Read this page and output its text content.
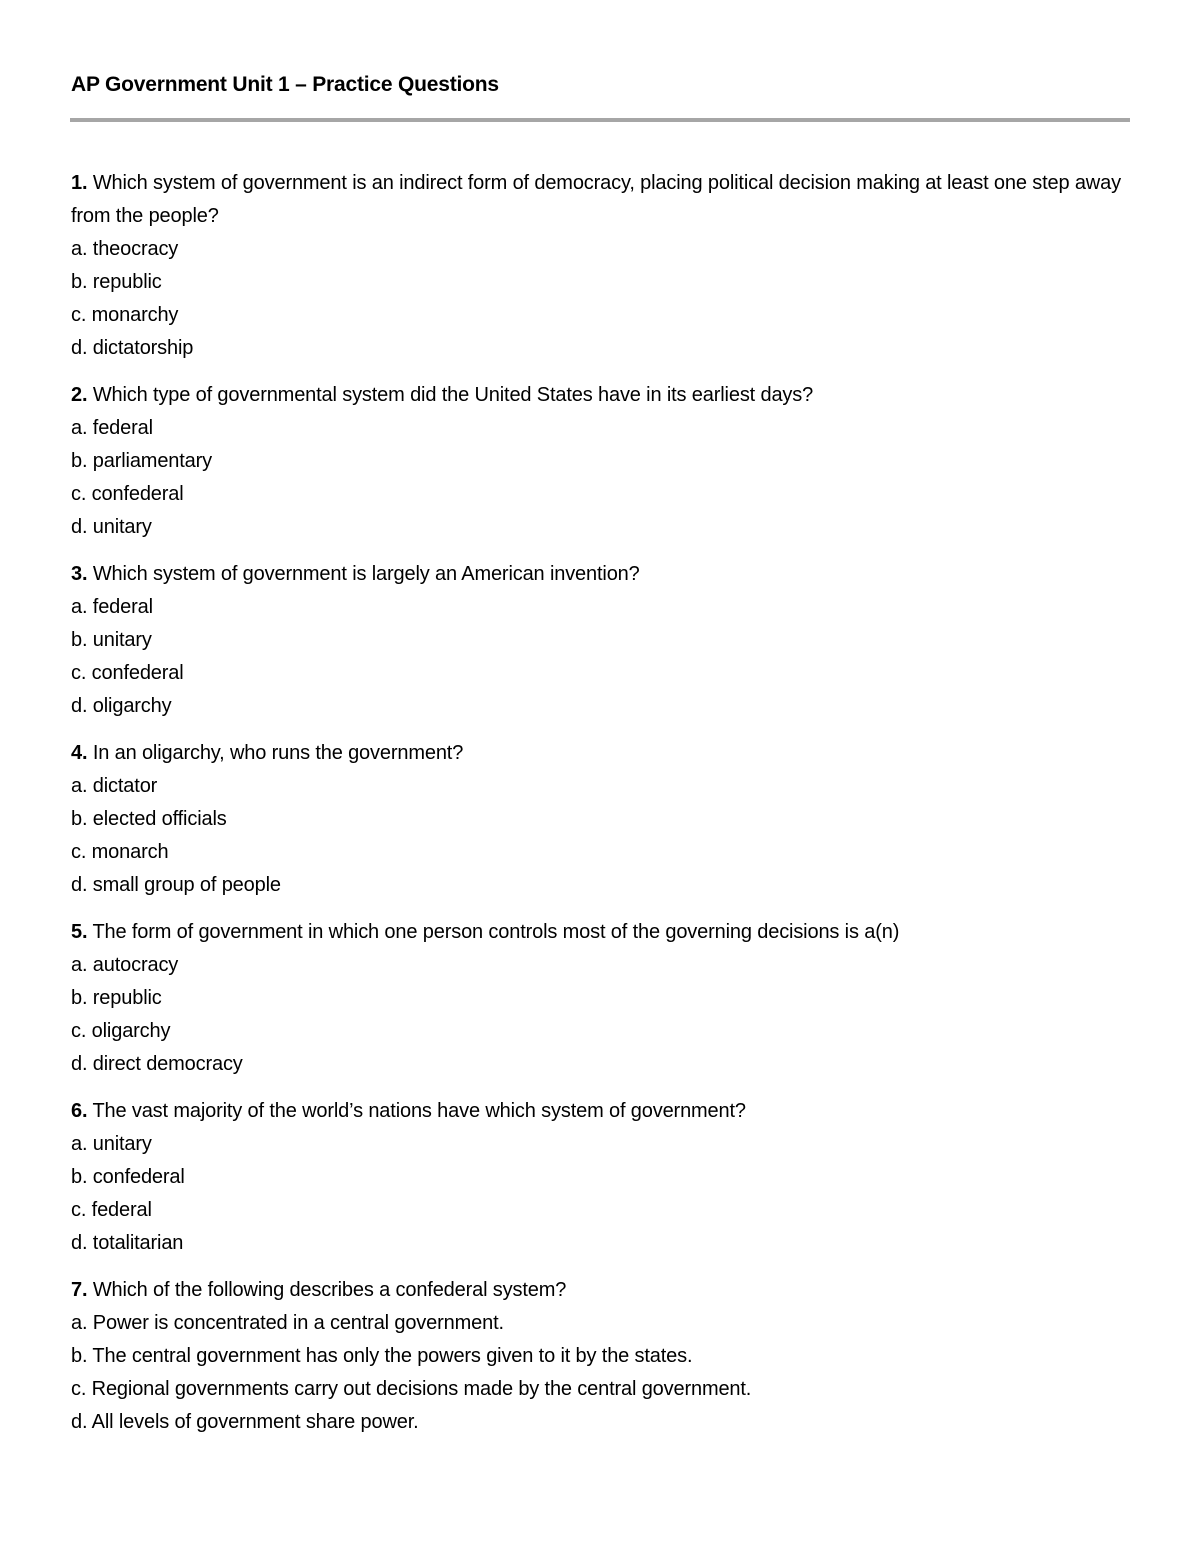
AP Government Unit 1 – Practice Questions

1. Which system of government is an indirect form of democracy, placing political decision making at least one step away from the people?

a. theocracy

b. republic

c. monarchy

d. dictatorship

2. Which type of governmental system did the United States have in its earliest days?

a. federal

b. parliamentary

c. confederal

d. unitary

3. Which system of government is largely an American invention?

a. federal

b. unitary

c. confederal

d. oligarchy

4. In an oligarchy, who runs the government?

a. dictator

b. elected officials

c. monarch

d. small group of people

5. The form of government in which one person controls most of the governing decisions is a(n)

a. autocracy

b. republic

c. oligarchy

d. direct democracy

6. The vast majority of the world’s nations have which system of government?

a. unitary

b. confederal

c. federal

d. totalitarian

7. Which of the following describes a confederal system?

a. Power is concentrated in a central government.

b. The central government has only the powers given to it by the states.

c. Regional governments carry out decisions made by the central government.

d. All levels of government share power.
